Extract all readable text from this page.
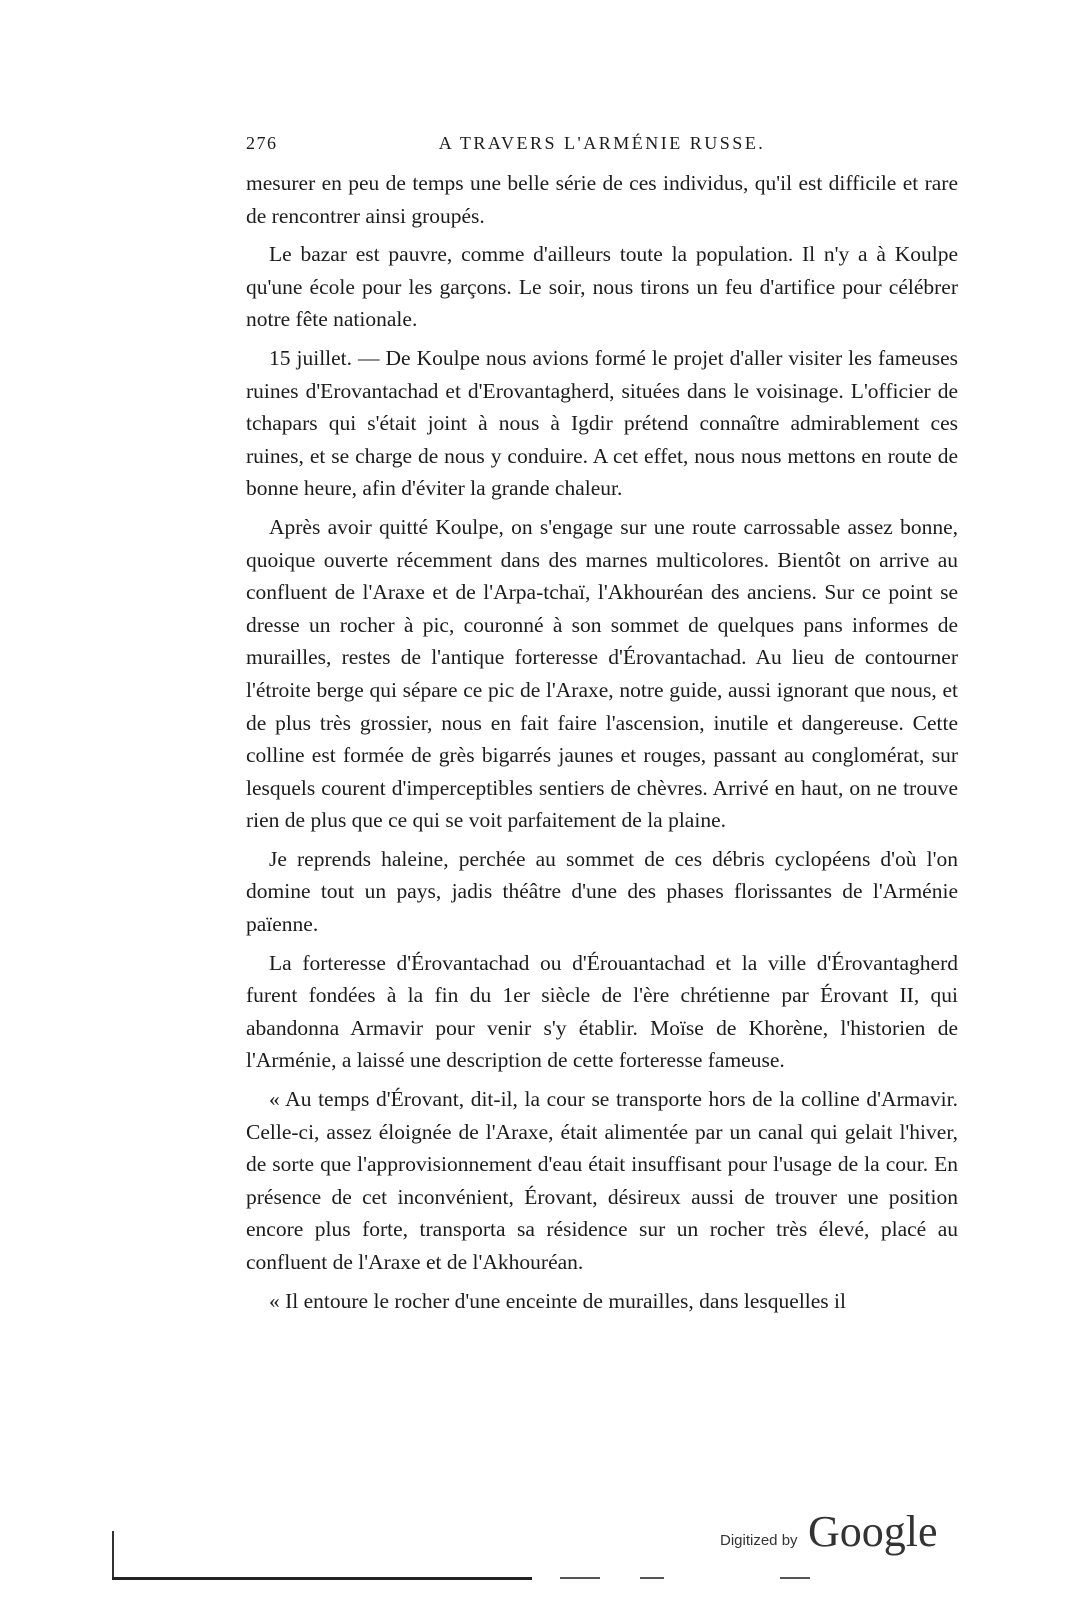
276	A TRAVERS L'ARMÉNIE RUSSE.

mesurer en peu de temps une belle série de ces individus, qu'il est difficile et rare de rencontrer ainsi groupés.

Le bazar est pauvre, comme d'ailleurs toute la population. Il n'y a à Koulpe qu'une école pour les garçons. Le soir, nous tirons un feu d'artifice pour célébrer notre fête nationale.

15 juillet. — De Koulpe nous avions formé le projet d'aller visiter les fameuses ruines d'Erovantachad et d'Erovantagherd, situées dans le voisinage. L'officier de tchapars qui s'était joint à nous à Igdir prétend connaître admirablement ces ruines, et se charge de nous y conduire. A cet effet, nous nous mettons en route de bonne heure, afin d'éviter la grande chaleur.

Après avoir quitté Koulpe, on s'engage sur une route carrossable assez bonne, quoique ouverte récemment dans des marnes multicolores. Bientôt on arrive au confluent de l'Araxe et de l'Arpa-tchaï, l'Akhouréan des anciens. Sur ce point se dresse un rocher à pic, couronné à son sommet de quelques pans informes de murailles, restes de l'antique forteresse d'Érovantachad. Au lieu de contourner l'étroite berge qui sépare ce pic de l'Araxe, notre guide, aussi ignorant que nous, et de plus très grossier, nous en fait faire l'ascension, inutile et dangereuse. Cette colline est formée de grès bigarrés jaunes et rouges, passant au conglomérat, sur lesquels courent d'imperceptibles sentiers de chèvres. Arrivé en haut, on ne trouve rien de plus que ce qui se voit parfaitement de la plaine.

Je reprends haleine, perchée au sommet de ces débris cyclopéens d'où l'on domine tout un pays, jadis théâtre d'une des phases florissantes de l'Arménie païenne.

La forteresse d'Érovantachad ou d'Érouantachad et la ville d'Érovantagherd furent fondées à la fin du 1er siècle de l'ère chrétienne par Érovant II, qui abandonna Armavir pour venir s'y établir. Moïse de Khorène, l'historien de l'Arménie, a laissé une description de cette forteresse fameuse.

« Au temps d'Érovant, dit-il, la cour se transporte hors de la colline d'Armavir. Celle-ci, assez éloignée de l'Araxe, était alimentée par un canal qui gelait l'hiver, de sorte que l'approvisionnement d'eau était insuffisant pour l'usage de la cour. En présence de cet inconvénient, Érovant, désireux aussi de trouver une position encore plus forte, transporta sa résidence sur un rocher très élevé, placé au confluent de l'Araxe et de l'Akhouréan.

« Il entoure le rocher d'une enceinte de murailles, dans lesquelles il

Digitized by Google
